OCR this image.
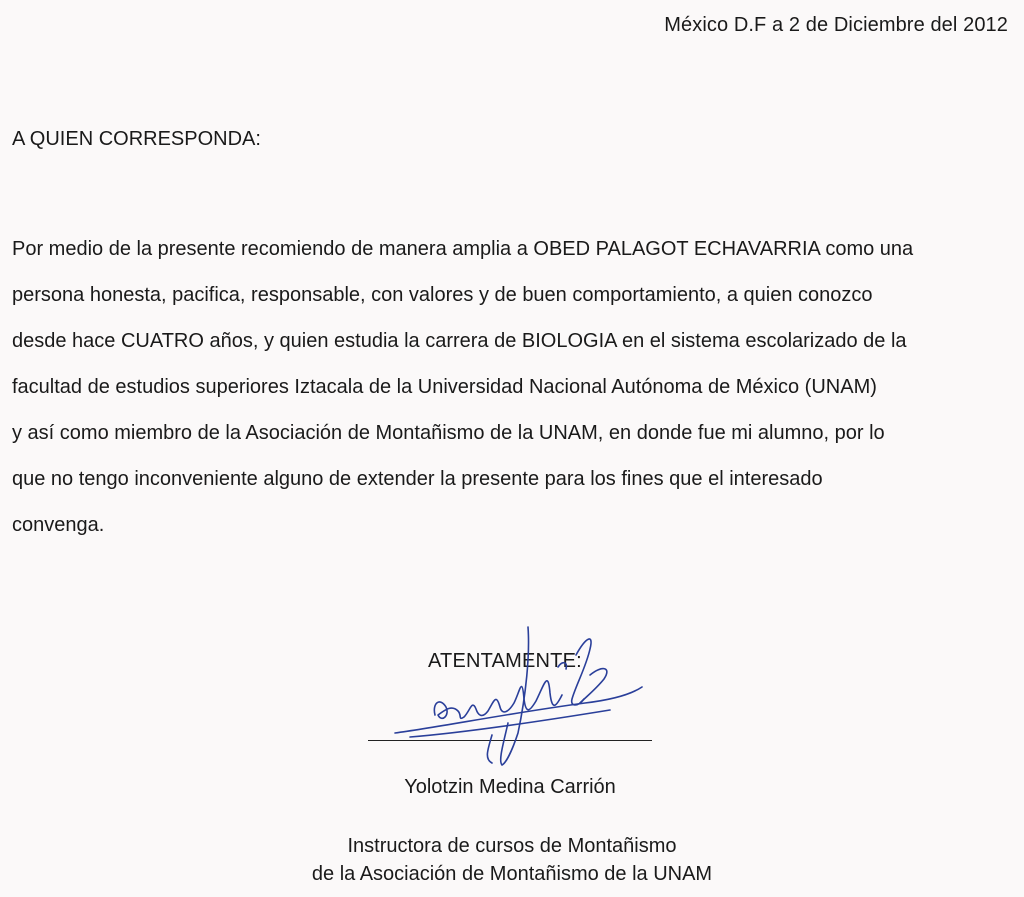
México D.F a 2 de Diciembre del 2012
A QUIEN CORRESPONDA:
Por medio de la presente recomiendo de manera amplia a OBED PALAGOT ECHAVARRIA como una
persona honesta, pacifica, responsable, con valores y de buen comportamiento, a quien conozco
desde hace CUATRO años, y quien estudia la carrera de BIOLOGIA en el sistema escolarizado de la
facultad de estudios superiores Iztacala de la Universidad Nacional Autónoma de México (UNAM)
y así como miembro de la Asociación de Montañismo de la UNAM, en donde fue mi alumno, por lo
que no tengo inconveniente alguno de extender la presente para los fines que el interesado
convenga.
ATENTAMENTE:
Yolotzin Medina Carrión
Instructora de cursos de Montañismo
de la Asociación de Montañismo de la UNAM
